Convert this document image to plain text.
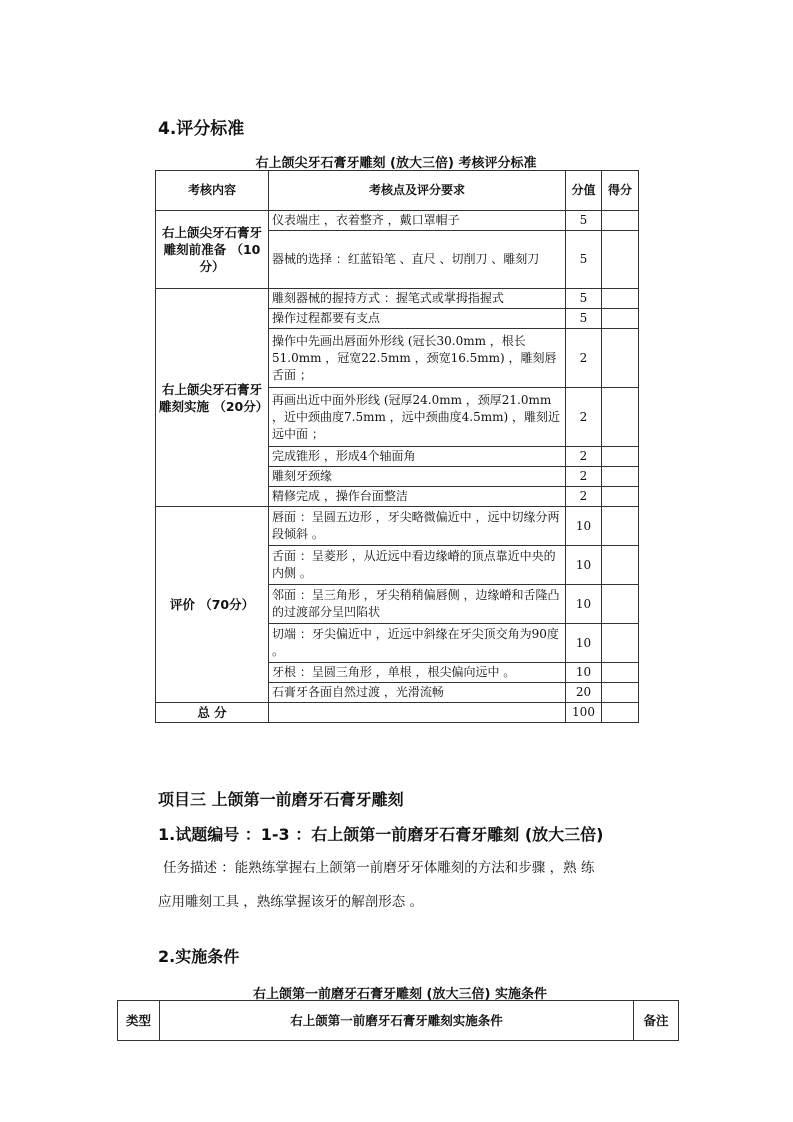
4.评分标准
右上颌尖牙石膏牙雕刻 (放大三倍) 考核评分标准
考核内容	考核点及评分要求	分值	得分
右上颌尖牙石膏牙雕刻前准备 （10分）	仪表端庄 ，衣着整齐 ，戴口罩帽子	5	
	器械的选择 ：红蓝铅笔 、直尺 、切削刀 、雕刻刀	5	
右上颌尖牙石膏牙雕刻实施 （20分）	雕刻器械的握持方式 ：握笔式或掌拇指握式	5	
	操作过程都要有支点	5	
	操作中先画出唇面外形线 (冠长30.0mm ，根长51.0mm ，冠宽22.5mm ，颈宽16.5mm) ，雕刻唇舌面 ；	2	
	再画出近中面外形线 (冠厚24.0mm ，颈厚21.0mm ，近中颈曲度7.5mm ，远中颈曲度4.5mm) ，雕刻近远中面 ；	2	
	完成锥形 ，形成4个轴面角	2	
	雕刻牙颈缘	2	
	精修完成 ，操作台面整洁	2	
评价 （70分）	唇面 ：呈圆五边形 ，牙尖略微偏近中 ，远中切缘分两段倾斜 。	10	
	舌面 ：呈菱形 ，从近远中看边缘嵴的顶点靠近中央的内侧 。	10	
	邻面 ：呈三角形 ，牙尖稍稍偏唇侧 ，边缘嵴和舌隆凸的过渡部分呈凹陷状	10	
	切端 ：牙尖偏近中 ，近远中斜缘在牙尖顶交角为90度 。	10	
	牙根 ：呈圆三角形 ，单根 ，根尖偏向远中 。	10	
	石膏牙各面自然过渡 ，光滑流畅	20	
总 分		100	
项目三 上颌第一前磨牙石膏牙雕刻
1.试题编号 ：1-3 ：右上颌第一前磨牙石膏牙雕刻 (放大三倍)
任务描述 ：能熟练掌握右上颌第一前磨牙牙体雕刻的方法和步骤 ，熟 练
应用雕刻工具 ，熟练掌握该牙的解剖形态 。
2.实施条件
右上颌第一前磨牙石膏牙雕刻 (放大三倍) 实施条件
类型	右上颌第一前磨牙石膏牙雕刻实施条件	备注
